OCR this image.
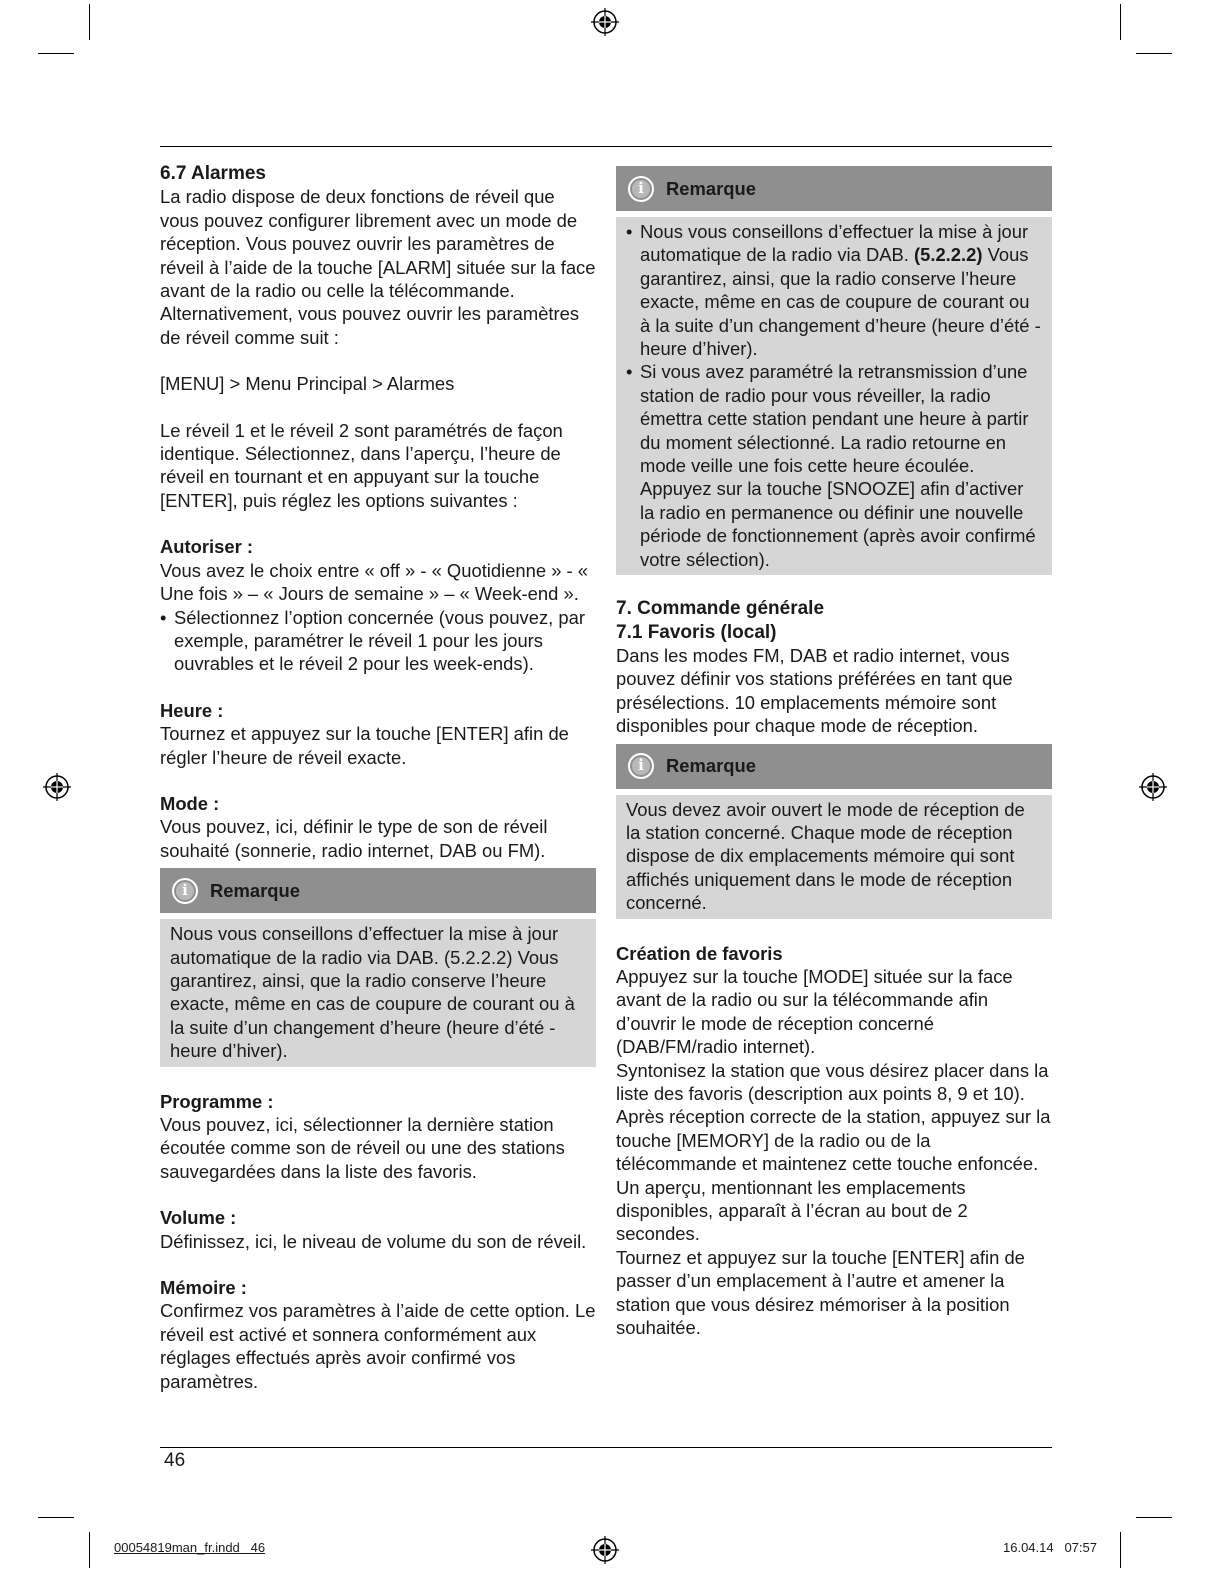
6.7 Alarmes

La radio dispose de deux fonctions de réveil que vous pouvez configurer librement avec un mode de réception. Vous pouvez ouvrir les paramètres de réveil à l’aide de la touche [ALARM] située sur la face avant de la radio ou celle la télécommande. Alternativement, vous pouvez ouvrir les paramètres de réveil comme suit :

[MENU] > Menu Principal > Alarmes

Le réveil 1 et le réveil 2 sont paramétrés de façon identique. Sélectionnez, dans l’aperçu, l’heure de réveil en tournant et en appuyant sur la touche [ENTER], puis réglez les options suivantes :

Autoriser :

Vous avez le choix entre « off » - « Quotidienne » - « Une fois » – « Jours de semaine » – « Week-end ».

• Sélectionnez l’option concernée (vous pouvez, par exemple, paramétrer le réveil 1 pour les jours ouvrables et le réveil 2 pour les week-ends).

Heure :

Tournez et appuyez sur la touche [ENTER] afin de régler l’heure de réveil exacte.

Mode :

Vous pouvez, ici, définir le type de son de réveil souhaité (sonnerie, radio internet, DAB ou FM).

i	Remarque
Nous vous conseillons d’effectuer la mise à jour automatique de la radio via DAB. (5.2.2.2) Vous garantirez, ainsi, que la radio conserve l’heure exacte, même en cas de coupure de courant ou à la suite d’un changement d’heure (heure d’été - heure d’hiver).

Programme :

Vous pouvez, ici, sélectionner la dernière station écoutée comme son de réveil ou une des stations sauvegardées dans la liste des favoris.

Volume :

Définissez, ici, le niveau de volume du son de réveil.

Mémoire :

Confirmez vos paramètres à l’aide de cette option. Le réveil est activé et sonnera conformément aux réglages effectués après avoir confirmé vos paramètres.

i	Remarque
• Nous vous conseillons d’effectuer la mise à jour automatique de la radio via DAB. (5.2.2.2) Vous garantirez, ainsi, que la radio conserve l’heure exacte, même en cas de coupure de courant ou à la suite d’un changement d’heure (heure d’été - heure d’hiver).
• Si vous avez paramétré la retransmission d’une station de radio pour vous réveiller, la radio émettra cette station pendant une heure à partir du moment sélectionné. La radio retourne en mode veille une fois cette heure écoulée. Appuyez sur la touche [SNOOZE] afin d’activer la radio en permanence ou définir une nouvelle période de fonctionnement (après avoir confirmé votre sélection).

7. Commande générale

7.1 Favoris (local)

Dans les modes FM, DAB et radio internet, vous pouvez définir vos stations préférées en tant que présélections. 10 emplacements mémoire sont disponibles pour chaque mode de réception.

i	Remarque
Vous devez avoir ouvert le mode de réception de la station concerné. Chaque mode de réception dispose de dix emplacements mémoire qui sont affichés uniquement dans le mode de réception concerné.

Création de favoris

Appuyez sur la touche [MODE] située sur la face avant de la radio ou sur la télécommande afin d’ouvrir le mode de réception concerné (DAB/FM/radio internet).

Syntonisez la station que vous désirez placer dans la liste des favoris (description aux points 8, 9 et 10).

Après réception correcte de la station, appuyez sur la touche [MEMORY] de la radio ou de la télécommande et maintenez cette touche enfoncée. Un aperçu, mentionnant les emplacements disponibles, apparaît à l’écran au bout de 2 secondes.

Tournez et appuyez sur la touche [ENTER] afin de passer d’un emplacement à l’autre et amener la station que vous désirez mémoriser à la position souhaitée.

46
00054819man_fr.indd   46	16.04.14   07:57
